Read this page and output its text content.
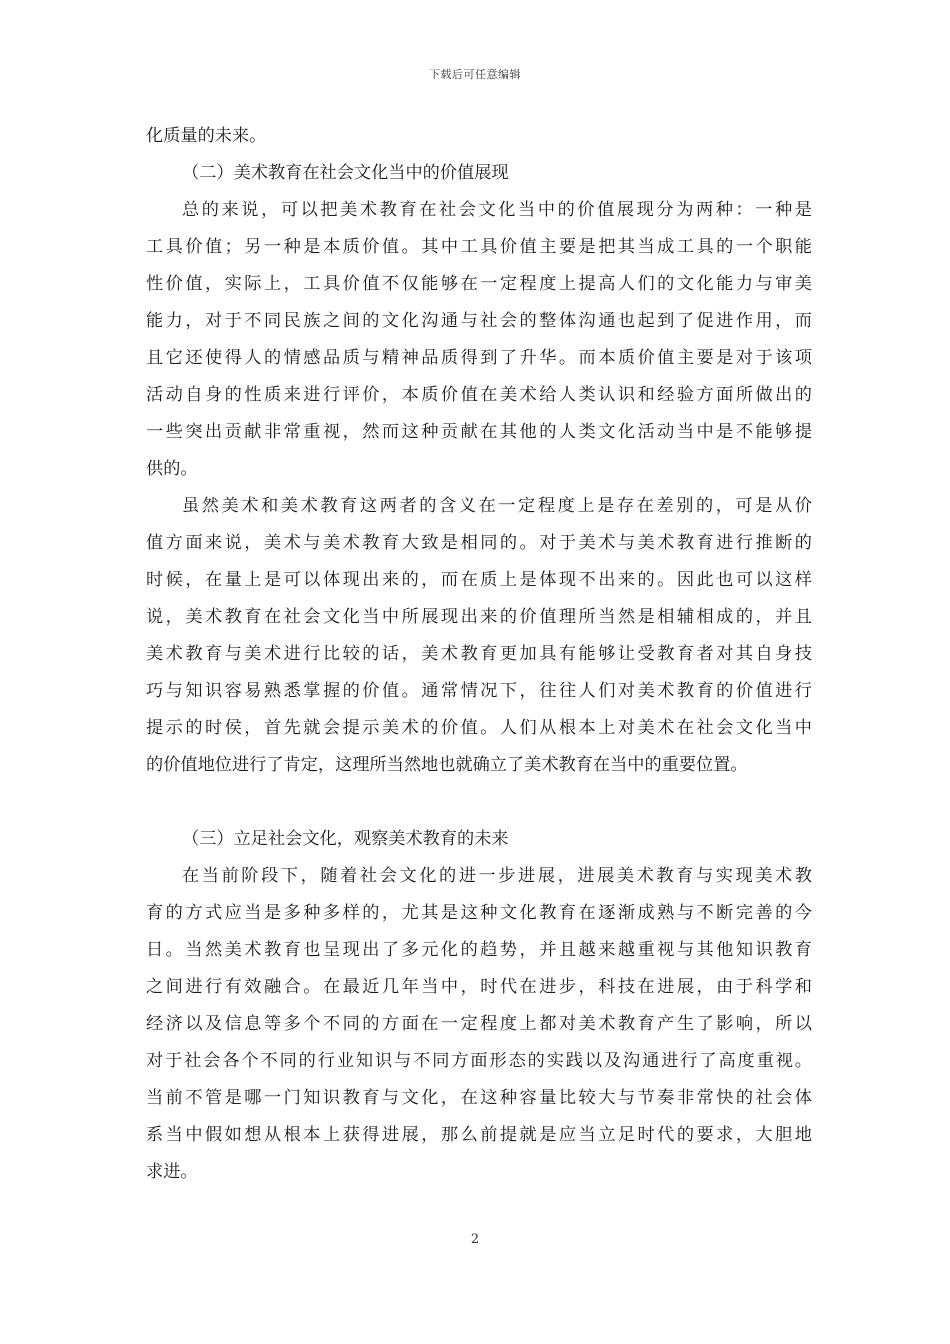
下载后可任意编辑
化质量的未来。
（二）美术教育在社会文化当中的价值展现
总的来说，可以把美术教育在社会文化当中的价值展现分为两种：一种是
工具价值；另一种是本质价值。其中工具价值主要是把其当成工具的一个职能
性价值，实际上，工具价值不仅能够在一定程度上提高人们的文化能力与审美
能力，对于不同民族之间的文化沟通与社会的整体沟通也起到了促进作用，而
且它还使得人的情感品质与精神品质得到了升华。而本质价值主要是对于该项
活动自身的性质来进行评价，本质价值在美术给人类认识和经验方面所做出的
一些突出贡献非常重视，然而这种贡献在其他的人类文化活动当中是不能够提
供的。
虽然美术和美术教育这两者的含义在一定程度上是存在差别的，可是从价
值方面来说，美术与美术教育大致是相同的。对于美术与美术教育进行推断的
时候，在量上是可以体现出来的，而在质上是体现不出来的。因此也可以这样
说，美术教育在社会文化当中所展现出来的价值理所当然是相辅相成的，并且
美术教育与美术进行比较的话，美术教育更加具有能够让受教育者对其自身技
巧与知识容易熟悉掌握的价值。通常情况下，往往人们对美术教育的价值进行
提示的时侯，首先就会提示美术的价值。人们从根本上对美术在社会文化当中
的价值地位进行了肯定，这理所当然地也就确立了美术教育在当中的重要位置。
（三）立足社会文化，观察美术教育的未来
在当前阶段下，随着社会文化的进一步进展，进展美术教育与实现美术教
育的方式应当是多种多样的，尤其是这种文化教育在逐渐成熟与不断完善的今
日。当然美术教育也呈现出了多元化的趋势，并且越来越重视与其他知识教育
之间进行有效融合。在最近几年当中，时代在进步，科技在进展，由于科学和
经济以及信息等多个不同的方面在一定程度上都对美术教育产生了影响，所以
对于社会各个不同的行业知识与不同方面形态的实践以及沟通进行了高度重视。
当前不管是哪一门知识教育与文化，在这种容量比较大与节奏非常快的社会体
系当中假如想从根本上获得进展，那么前提就是应当立足时代的要求，大胆地
求进。
2
